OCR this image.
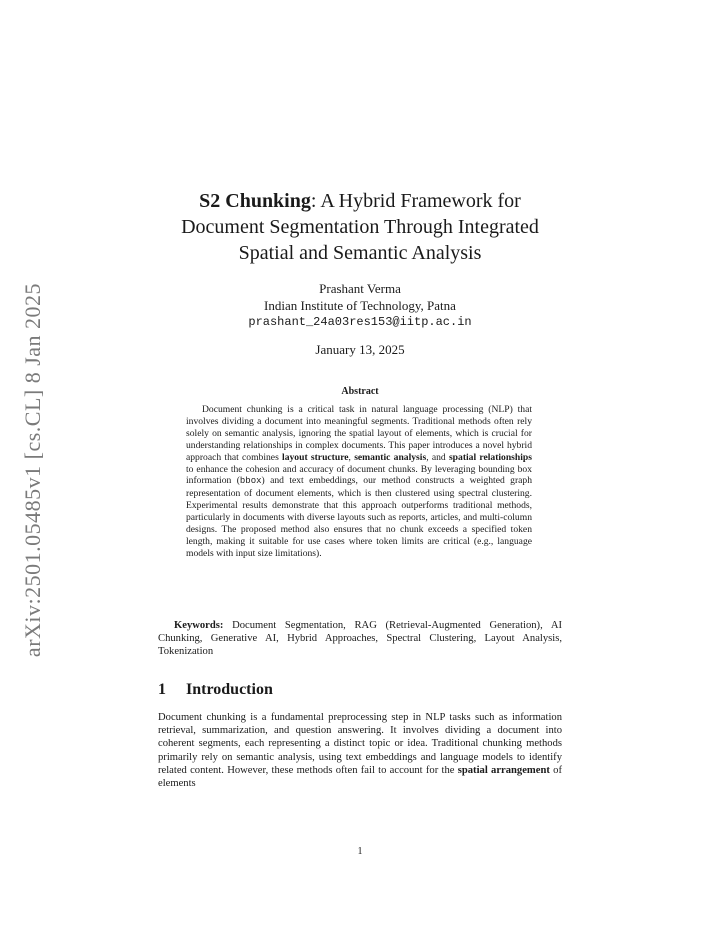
arXiv:2501.05485v1 [cs.CL] 8 Jan 2025
S2 Chunking: A Hybrid Framework for Document Segmentation Through Integrated Spatial and Semantic Analysis
Prashant Verma
Indian Institute of Technology, Patna
prashant_24a03res153@iitp.ac.in
January 13, 2025
Abstract

Document chunking is a critical task in natural language processing (NLP) that involves dividing a document into meaningful segments. Traditional methods often rely solely on semantic analysis, ignoring the spatial layout of elements, which is crucial for understanding relationships in complex documents. This paper introduces a novel hybrid approach that combines layout structure, semantic analysis, and spatial relationships to enhance the cohesion and accuracy of document chunks. By leveraging bounding box information (bbox) and text embeddings, our method constructs a weighted graph representation of document elements, which is then clustered using spectral clustering. Experimental results demonstrate that this approach outperforms traditional methods, particularly in documents with diverse layouts such as reports, articles, and multi-column designs. The proposed method also ensures that no chunk exceeds a specified token length, making it suitable for use cases where token limits are critical (e.g., language models with input size limitations).

Keywords: Document Segmentation, RAG (Retrieval-Augmented Generation), AI Chunking, Generative AI, Hybrid Approaches, Spectral Clustering, Layout Analysis, Tokenization

1 Introduction

Document chunking is a fundamental preprocessing step in NLP tasks such as information retrieval, summarization, and question answering. It involves dividing a document into coherent segments, each representing a distinct topic or idea. Traditional chunking methods primarily rely on semantic analysis, using text embeddings and language models to identify related content. However, these methods often fail to account for the spatial arrangement of elements

1
